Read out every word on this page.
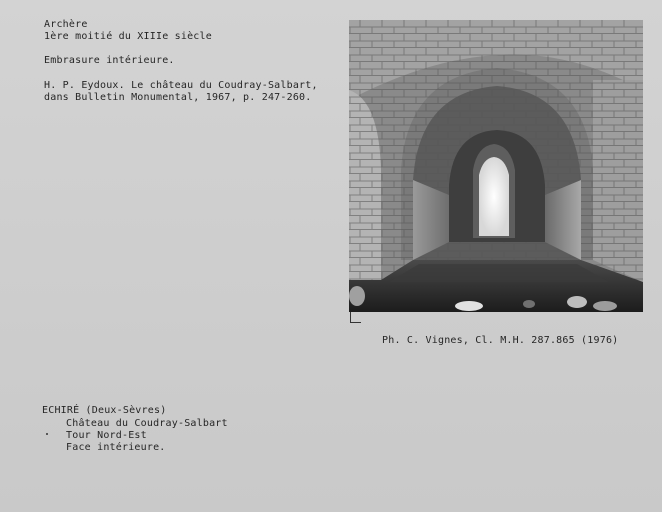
Archère
1ère moitié du XIIIe siècle
Embrasure intérieure.
H. P. Eydoux. Le château du Coudray-Salbart,
dans Bulletin Monumental, 1967, p. 247-260.
Ph. C. Vignes, Cl. M.H. 287.865 (1976)
ECHIRÉ (Deux-Sèvres)
Château du Coudray-Salbart
Tour Nord-Est
Face intérieure.
